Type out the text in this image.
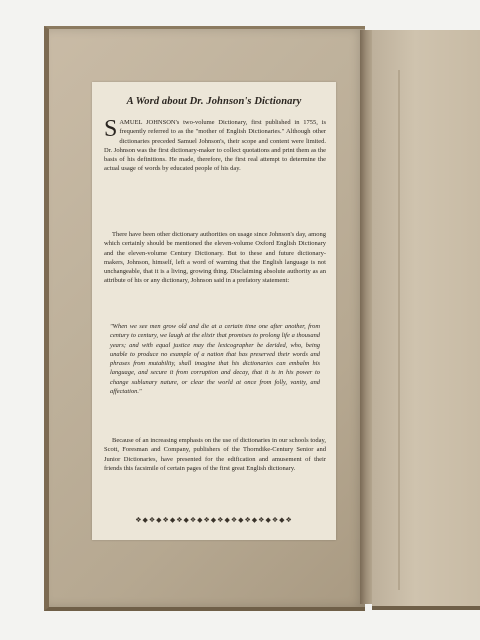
A Word about Dr. Johnson's Dictionary
S AMUEL JOHNSON's two-volume Dictionary, first published in 1755, is frequently referred to as the "mother of English Dictionaries." Although other dictionaries preceded Samuel Johnson's, their scope and content were limited. Dr. Johnson was the first dictionary-maker to collect quotations and print them as the basis of his definitions. He made, therefore, the first real attempt to determine the actual usage of words by educated people of his day.
There have been other dictionary authorities on usage since Johnson's day, among which certainly should be mentioned the eleven-volume Oxford English Dictionary and the eleven-volume Century Dictionary. But to these and future dictionary-makers, Johnson, himself, left a word of warning that the English language is not unchangeable, that it is a living, growing thing. Disclaiming absolute authority as an attribute of his or any dictionary, Johnson said in a prefatory statement:
"When we see men grow old and die at a certain time one after another, from century to century, we laugh at the elixir that promises to prolong life a thousand years; and with equal justice may the lexicographer be derided, who, being unable to produce no example of a nation that has preserved their words and phrases from mutability, shall imagine that his dictionaries can embalm his language, and secure it from corruption and decay, that it is in his power to change sublunary nature, or clear the world at once from folly, vanity, and affectation."
Because of an increasing emphasis on the use of dictionaries in our schools today, Scott, Foresman and Company, publishers of the Thorndike-Century Senior and Junior Dictionaries, have presented for the edification and amusement of their friends this facsimile of certain pages of the first great English dictionary.
❖◆❖◆❖◆❖◆❖◆❖◆❖◆❖◆❖◆❖◆❖◆❖
